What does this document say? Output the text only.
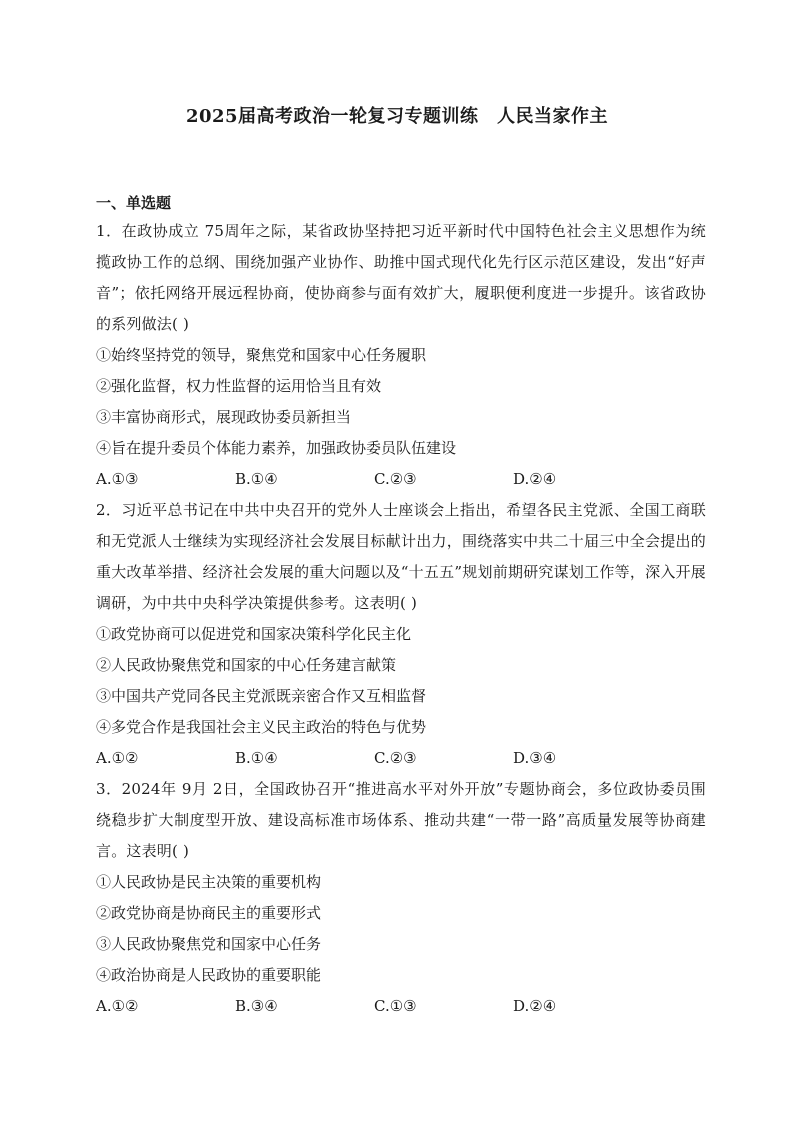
2025届高考政治一轮复习专题训练　人民当家作主
一、单选题
1．在政协成立 75周年之际，某省政协坚持把习近平新时代中国特色社会主义思想作为统揽政协工作的总纲、围绕加强产业协作、助推中国式现代化先行区示范区建设，发出“好声音”；依托网络开展远程协商，使协商参与面有效扩大，履职便利度进一步提升。该省政协的系列做法( )
①始终坚持党的领导，聚焦党和国家中心任务履职
②强化监督，权力性监督的运用恰当且有效
③丰富协商形式，展现政协委员新担当
④旨在提升委员个体能力素养，加强政协委员队伍建设
A.①③	B.①④	C.②③	D.②④
2．习近平总书记在中共中央召开的党外人士座谈会上指出，希望各民主党派、全国工商联和无党派人士继续为实现经济社会发展目标献计出力，围绕落实中共二十届三中全会提出的重大改革举措、经济社会发展的重大问题以及“十五五”规划前期研究谋划工作等，深入开展调研，为中共中央科学决策提供参考。这表明( )
①政党协商可以促进党和国家决策科学化民主化
②人民政协聚焦党和国家的中心任务建言献策
③中国共产党同各民主党派既亲密合作又互相监督
④多党合作是我国社会主义民主政治的特色与优势
A.①②	B.①④	C.②③	D.③④
3．2024年 9月 2日，全国政协召开“推进高水平对外开放”专题协商会，多位政协委员围绕稳步扩大制度型开放、建设高标准市场体系、推动共建“一带一路”高质量发展等协商建言。这表明( )
①人民政协是民主决策的重要机构
②政党协商是协商民主的重要形式
③人民政协聚焦党和国家中心任务
④政治协商是人民政协的重要职能
A.①②	B.③④	C.①③	D.②④
